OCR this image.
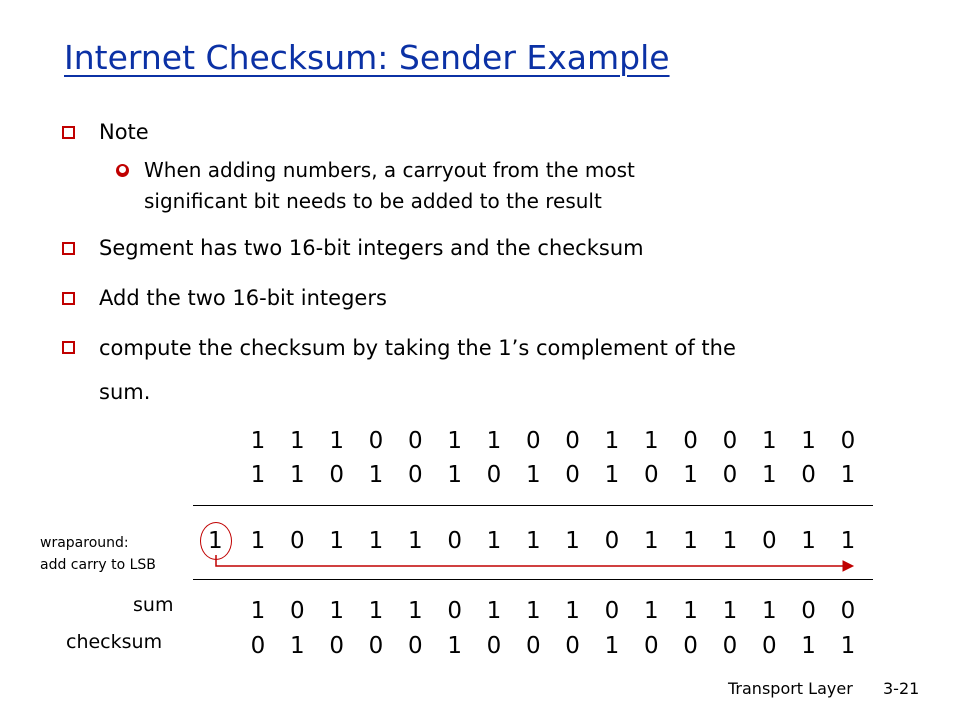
Internet Checksum: Sender Example
Note
When adding numbers, a carryout from the most
significant bit needs to be added to the result
Segment has two 16-bit integers and the checksum
Add the two 16-bit integers
compute the checksum by taking the 1’s complement of the
sum.
1 1 1 0 0 1 1 0 0 1 1 0 0 1 1 0
1 1 0 1 0 1 0 1 0 1 0 1 0 1 0 1
1 1 0 1 1 1 0 1 1 1 0 1 1 1 0 1 1
wraparound:
add carry to LSB
sum	1 0 1 1 1 0 1 1 1 0 1 1 1 1 0 0
checksum	0 1 0 0 0 1 0 0 0 1 0 0 0 0 1 1
Transport Layer 3-21
